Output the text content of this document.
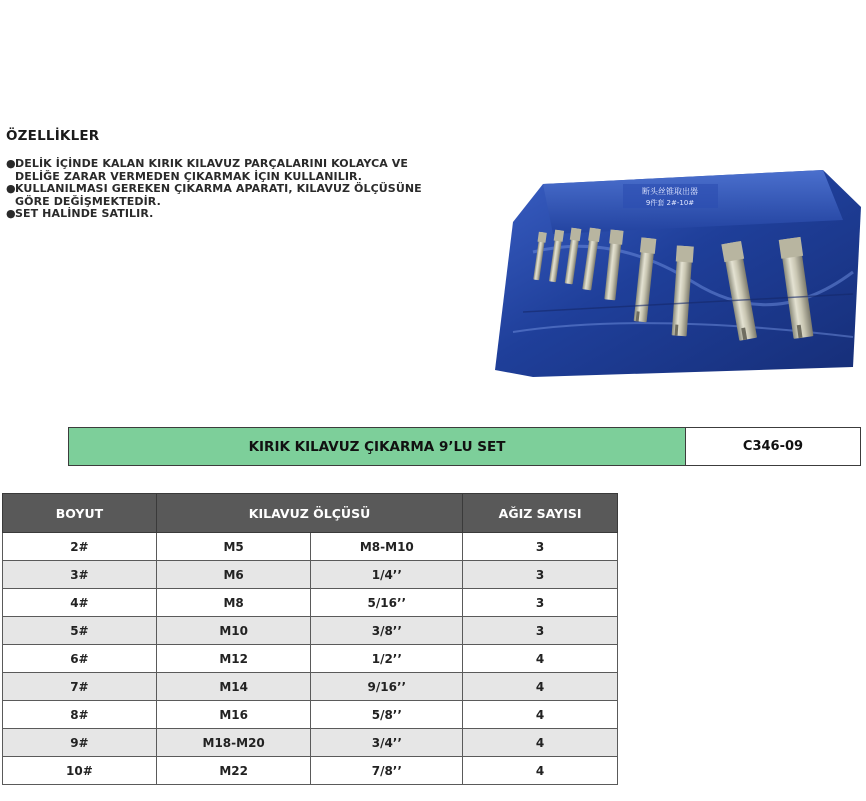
ÖZELLİKLER
●DELİK İÇİNDE KALAN KIRIK KILAVUZ PARÇALARINI KOLAYCA VE DELİĞE ZARAR VERMEDEN ÇIKARMAK İÇIN KULLANILIR.
●KULLANILMASI GEREKEN ÇIKARMA APARATI, KILAVUZ ÖLÇÜSÜNE GÖRE DEĞİŞMEKTEDİR.
●SET HALİNDE SATILIR.
断头丝锥取出器
9件套 2#-10#
KIRIK KILAVUZ ÇIKARMA 9’LU SET	C346-09
BOYUT	KILAVUZ ÖLÇÜSÜ		AĞIZ SAYISI
2#	M5	M8-M10	3
3#	M6	1/4’’	3
4#	M8	5/16’’	3
5#	M10	3/8’’	3
6#	M12	1/2’’	4
7#	M14	9/16’’	4
8#	M16	5/8’’	4
9#	M18-M20	3/4’’	4
10#	M22	7/8’’	4
